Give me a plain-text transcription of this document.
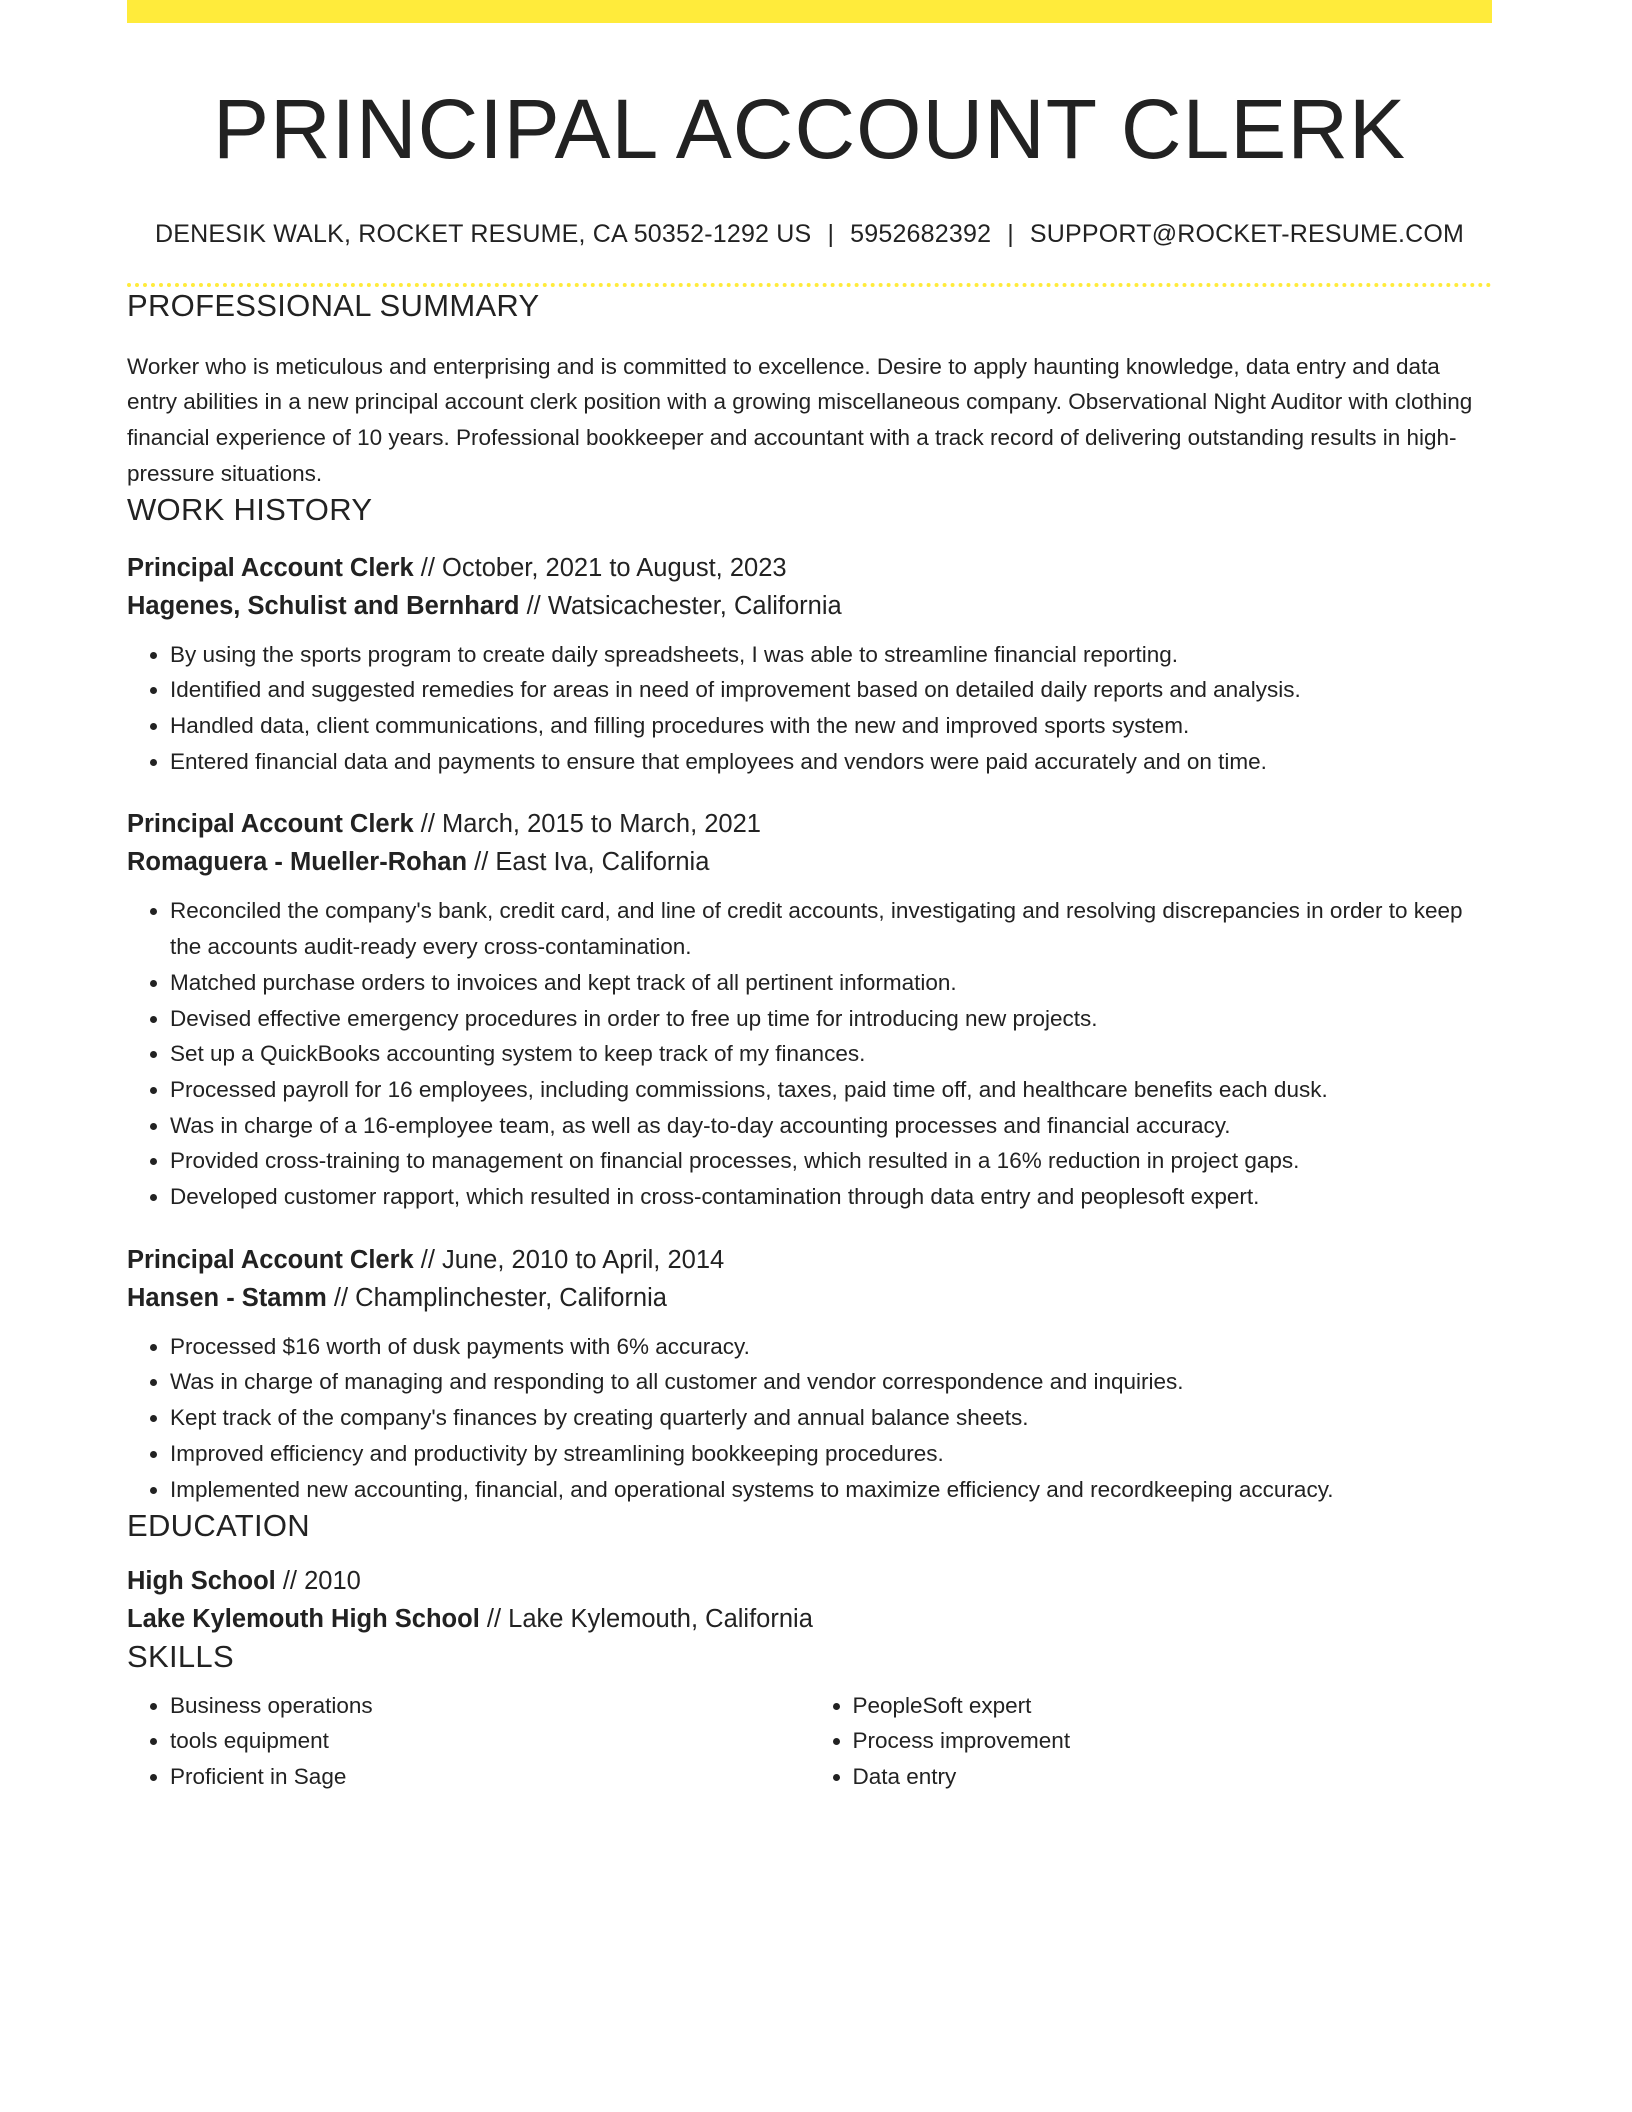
PRINCIPAL ACCOUNT CLERK
DENESIK WALK, ROCKET RESUME, CA 50352-1292 US | 5952682392 | SUPPORT@ROCKET-RESUME.COM
PROFESSIONAL SUMMARY

Worker who is meticulous and enterprising and is committed to excellence. Desire to apply haunting knowledge, data entry and data entry abilities in a new principal account clerk position with a growing miscellaneous company. Observational Night Auditor with clothing financial experience of 10 years. Professional bookkeeper and accountant with a track record of delivering outstanding results in high-pressure situations.

WORK HISTORY
Principal Account Clerk // October, 2021 to August, 2023
Hagenes, Schulist and Bernhard // Watsicachester, California
• By using the sports program to create daily spreadsheets, I was able to streamline financial reporting.
• Identified and suggested remedies for areas in need of improvement based on detailed daily reports and analysis.
• Handled data, client communications, and filling procedures with the new and improved sports system.
• Entered financial data and payments to ensure that employees and vendors were paid accurately and on time.
Principal Account Clerk // March, 2015 to March, 2021
Romaguera - Mueller-Rohan // East Iva, California
• Reconciled the company's bank, credit card, and line of credit accounts, investigating and resolving discrepancies in order to keep the accounts audit-ready every cross-contamination.
• Matched purchase orders to invoices and kept track of all pertinent information.
• Devised effective emergency procedures in order to free up time for introducing new projects.
• Set up a QuickBooks accounting system to keep track of my finances.
• Processed payroll for 16 employees, including commissions, taxes, paid time off, and healthcare benefits each dusk.
• Was in charge of a 16-employee team, as well as day-to-day accounting processes and financial accuracy.
• Provided cross-training to management on financial processes, which resulted in a 16% reduction in project gaps.
• Developed customer rapport, which resulted in cross-contamination through data entry and peoplesoft expert.
Principal Account Clerk // June, 2010 to April, 2014
Hansen - Stamm // Champlinchester, California
• Processed $16 worth of dusk payments with 6% accuracy.
• Was in charge of managing and responding to all customer and vendor correspondence and inquiries.
• Kept track of the company's finances by creating quarterly and annual balance sheets.
• Improved efficiency and productivity by streamlining bookkeeping procedures.
• Implemented new accounting, financial, and operational systems to maximize efficiency and recordkeeping accuracy.
EDUCATION
High School // 2010
Lake Kylemouth High School // Lake Kylemouth, California
SKILLS
• Business operations
• tools equipment
• Proficient in Sage
• PeopleSoft expert
• Process improvement
• Data entry
